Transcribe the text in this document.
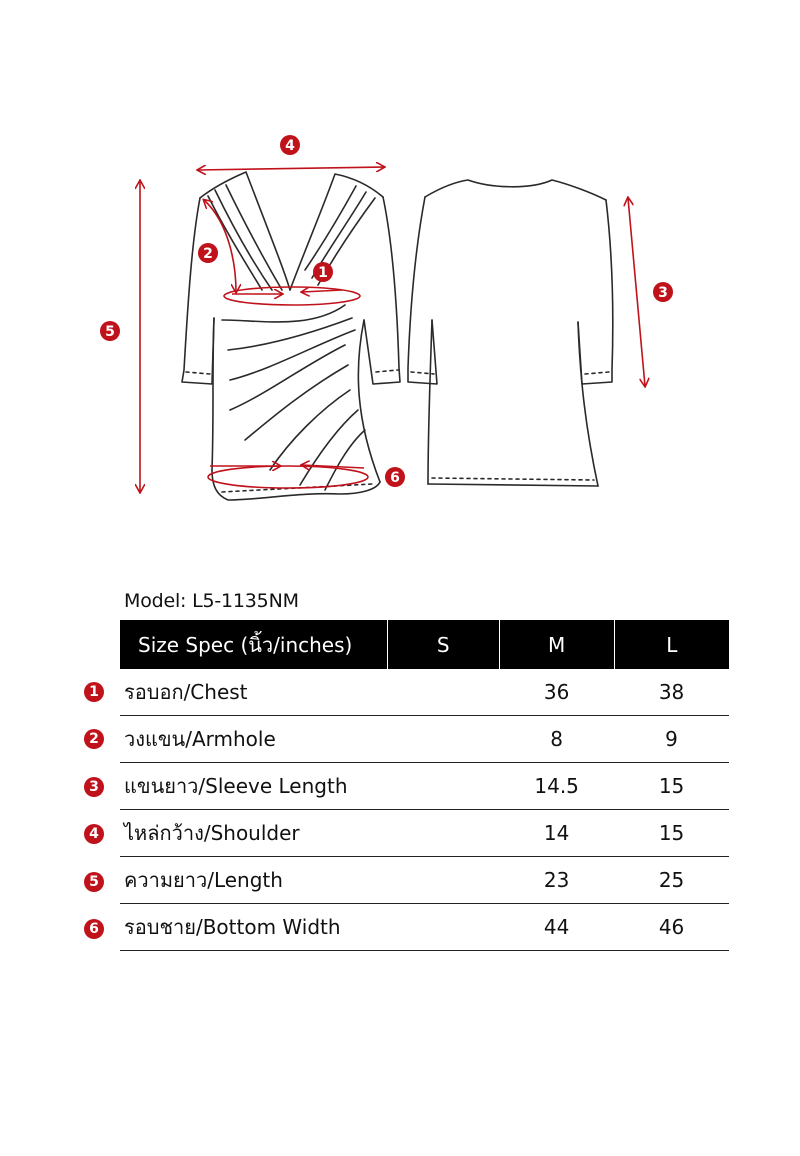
4
2
1
5
3
6
Model: L5-1135NM
Size Spec (นิ้ว/inches)	S	M	L
รอบอก/Chest		36	38
วงแขน/Armhole		8	9
แขนยาว/Sleeve Length		14.5	15
ไหล่กว้าง/Shoulder		14	15
ความยาว/Length		23	25
รอบชาย/Bottom Width		44	46
1
2
3
4
5
6
